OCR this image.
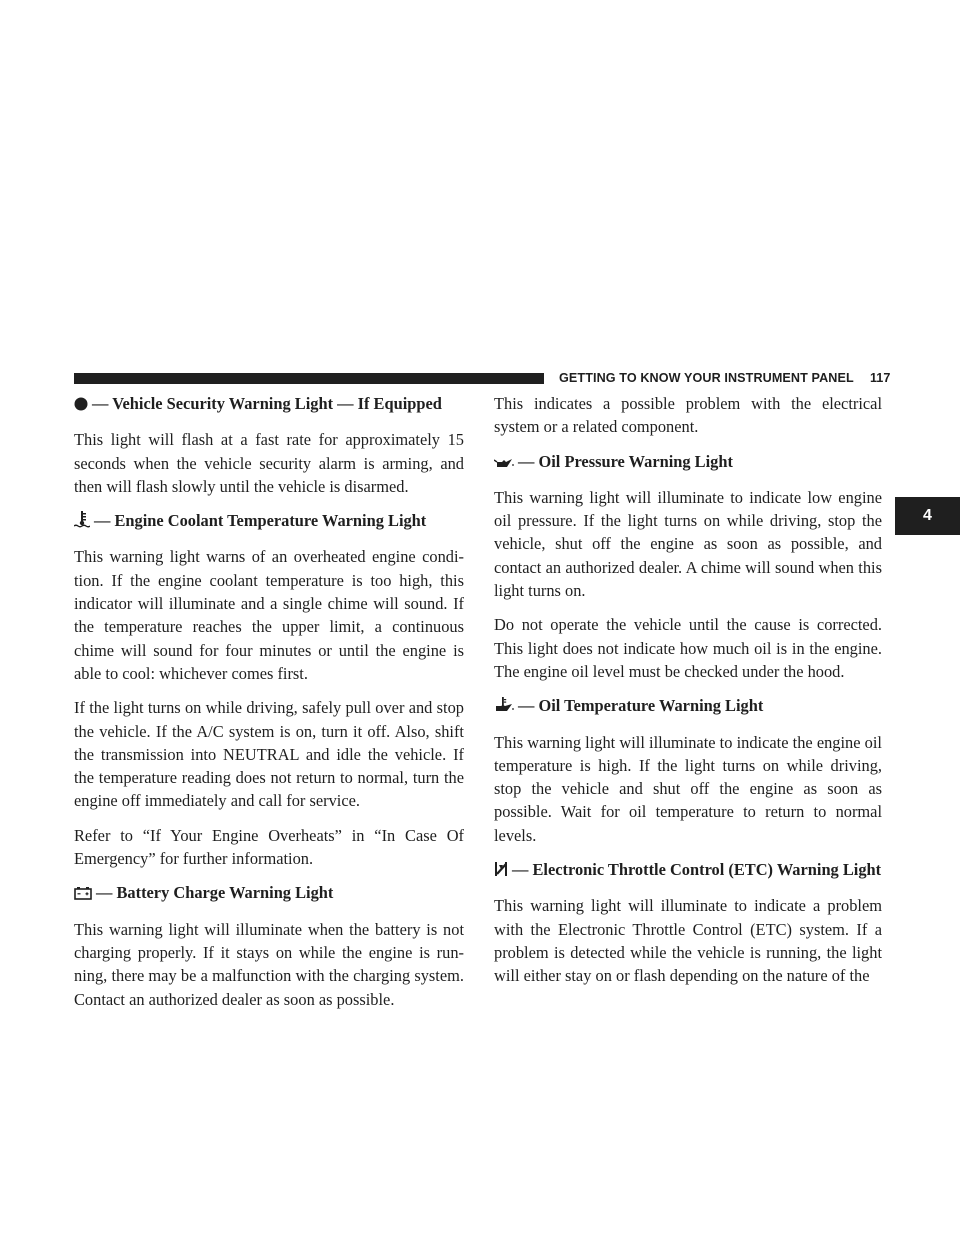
GETTING TO KNOW YOUR INSTRUMENT PANEL 117
4
— Vehicle Security Warning Light — If Equipped

This light will flash at a fast rate for approximately 15 seconds when the vehicle security alarm is arming, and then will flash slowly until the vehicle is disarmed.

— Engine Coolant Temperature Warning Light

This warning light warns of an overheated engine condi-tion. If the engine coolant temperature is too high, this indicator will illuminate and a single chime will sound. If the temperature reaches the upper limit, a continuous chime will sound for four minutes or until the engine is able to cool: whichever comes first.

If the light turns on while driving, safely pull over and stop the vehicle. If the A/C system is on, turn it off. Also, shift the transmission into NEUTRAL and idle the vehicle. If the temperature reading does not return to normal, turn the engine off immediately and call for service.

Refer to “If Your Engine Overheats” in “In Case Of Emergency” for further information.

— Battery Charge Warning Light

This warning light will illuminate when the battery is not charging properly. If it stays on while the engine is run-ning, there may be a malfunction with the charging system. Contact an authorized dealer as soon as possible.

This indicates a possible problem with the electrical system or a related component.

— Oil Pressure Warning Light

This warning light will illuminate to indicate low engine oil pressure. If the light turns on while driving, stop the vehicle, shut off the engine as soon as possible, and contact an authorized dealer. A chime will sound when this light turns on.

Do not operate the vehicle until the cause is corrected. This light does not indicate how much oil is in the engine. The engine oil level must be checked under the hood.

— Oil Temperature Warning Light

This warning light will illuminate to indicate the engine oil temperature is high. If the light turns on while driving, stop the vehicle and shut off the engine as soon as possible. Wait for oil temperature to return to normal levels.

— Electronic Throttle Control (ETC) Warning Light

This warning light will illuminate to indicate a problem with the Electronic Throttle Control (ETC) system. If a problem is detected while the vehicle is running, the light will either stay on or flash depending on the nature of the
